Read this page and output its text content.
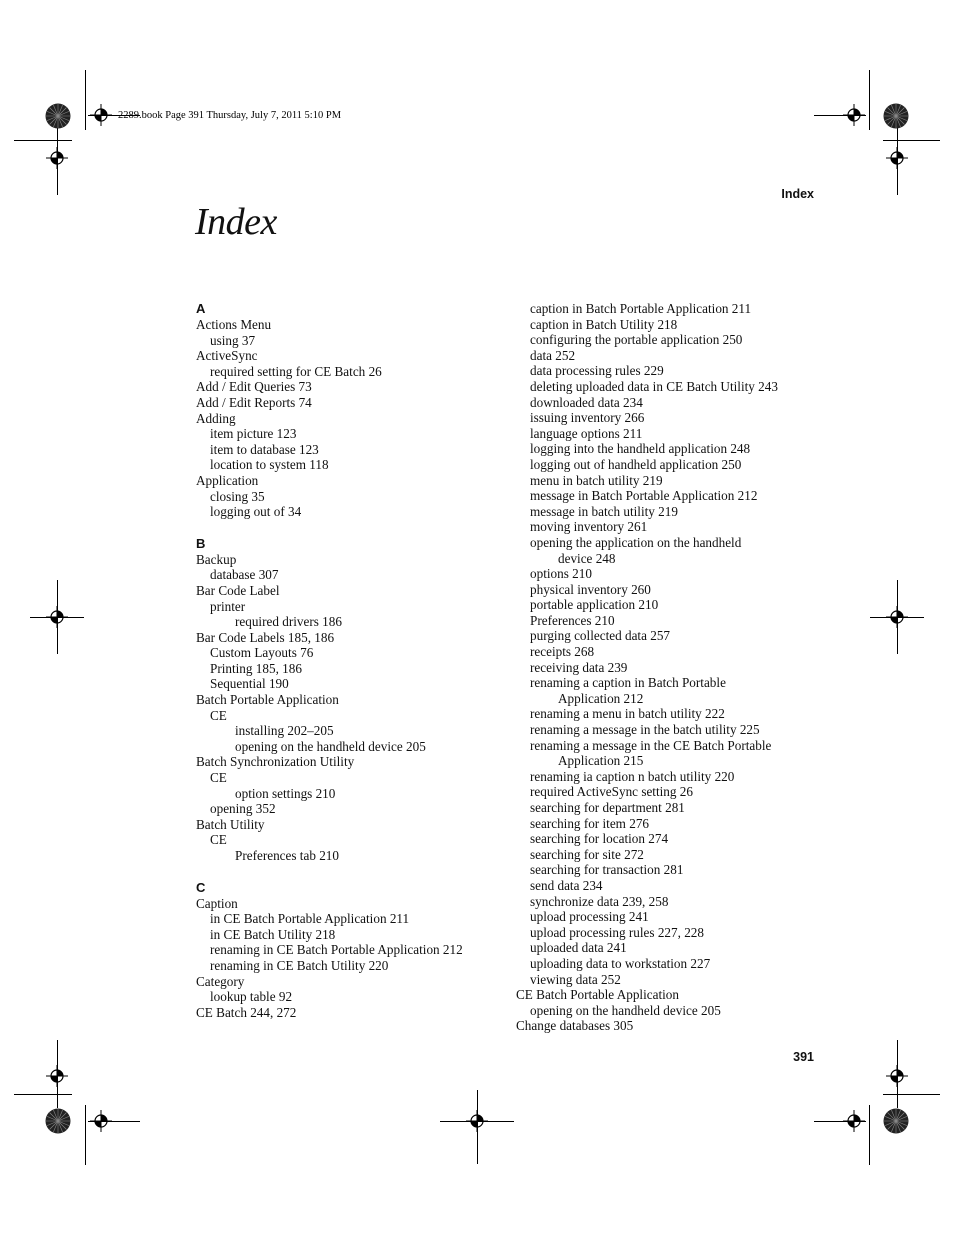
2289.book Page 391 Thursday, July 7, 2011 5:10 PM
Index
Index
A
Actions Menu
using 37
ActiveSync
required setting for CE Batch 26
Add / Edit Queries 73
Add / Edit Reports 74
Adding
item picture 123
item to database 123
location to system 118
Application
closing 35
logging out of 34
B
Backup
database 307
Bar Code Label
printer
required drivers 186
Bar Code Labels 185, 186
Custom Layouts 76
Printing 185, 186
Sequential 190
Batch Portable Application
CE
installing 202–205
opening on the handheld device 205
Batch Synchronization Utility
CE
option settings 210
opening 352
Batch Utility
CE
Preferences tab 210
C
Caption
in CE Batch Portable Application 211
in CE Batch Utility 218
renaming in CE Batch Portable Application 212
renaming in CE Batch Utility 220
Category
lookup table 92
CE Batch 244, 272
caption in Batch Portable Application 211
caption in Batch Utility 218
configuring the portable application 250
data 252
data processing rules 229
deleting uploaded data in CE Batch Utility 243
downloaded data 234
issuing inventory 266
language options 211
logging into the handheld application 248
logging out of handheld application 250
menu in batch utility 219
message in Batch Portable Application 212
message in batch utility 219
moving inventory 261
opening the application on the handheld
device 248
options 210
physical inventory 260
portable application 210
Preferences 210
purging collected data 257
receipts 268
receiving data 239
renaming a caption in Batch Portable
Application 212
renaming a menu in batch utility 222
renaming a message in the batch utility 225
renaming a message in the CE Batch Portable
Application 215
renaming ia caption n batch utility 220
required ActiveSync setting 26
searching for department 281
searching for item 276
searching for location 274
searching for site 272
searching for transaction 281
send data 234
synchronize data 239, 258
upload processing 241
upload processing rules 227, 228
uploaded data 241
uploading data to workstation 227
viewing data 252
CE Batch Portable Application
opening on the handheld device 205
Change databases 305
391
